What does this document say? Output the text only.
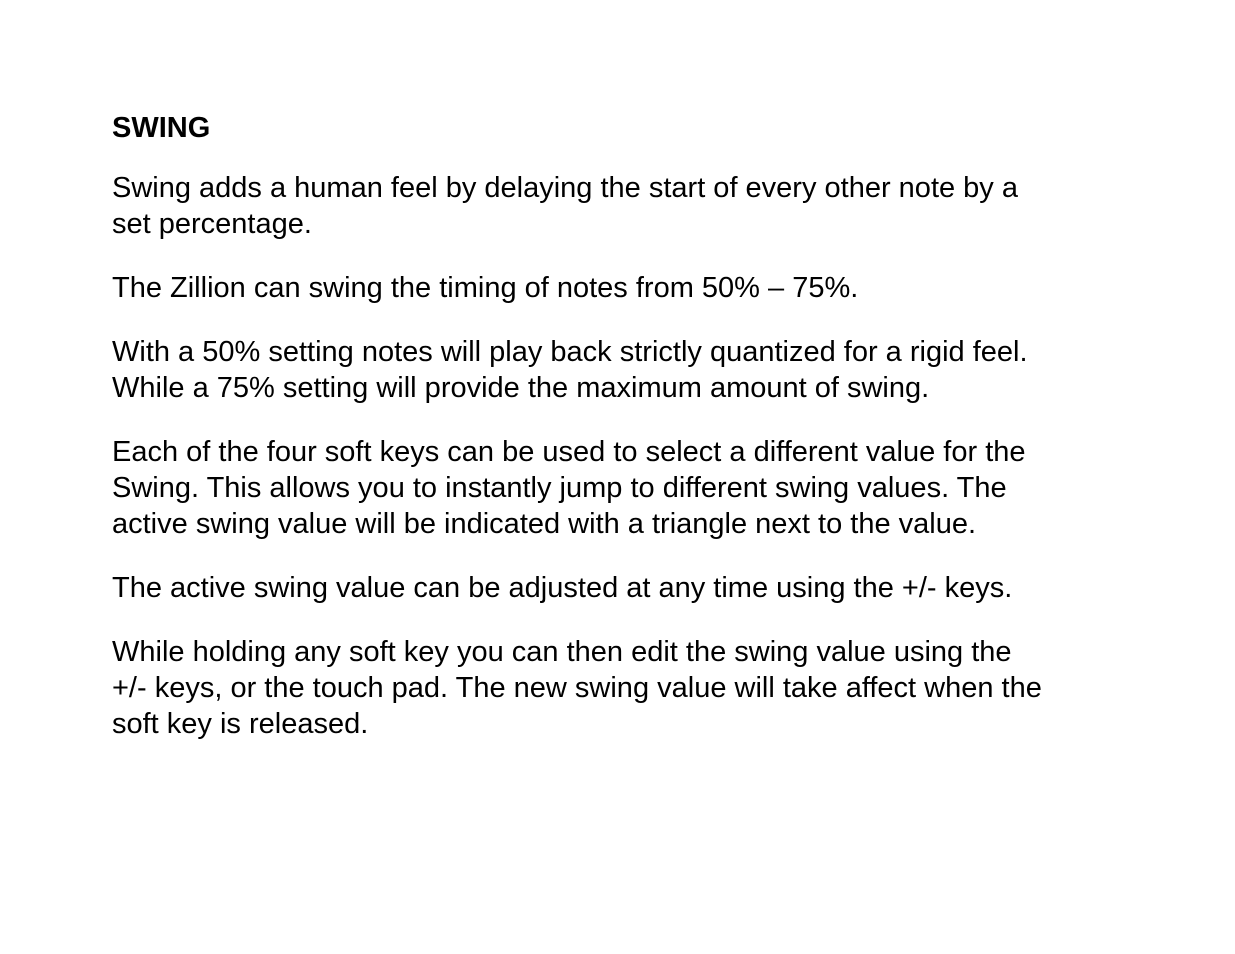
SWING
Swing adds a human feel by delaying the start of every other note by a
set percentage.
The Zillion can swing the timing of notes from 50% – 75%.
With a 50% setting notes will play back strictly quantized for a rigid feel.
While a 75% setting will provide the maximum amount of swing.
Each of the four soft keys can be used to select a different value for the
Swing. This allows you to instantly jump to different swing values. The
active swing value will be indicated with a triangle next to the value.
The active swing value can be adjusted at any time using the +/- keys.
While holding any soft key you can then edit the swing value using the
+/- keys, or the touch pad. The new swing value will take affect when the
soft key is released.
